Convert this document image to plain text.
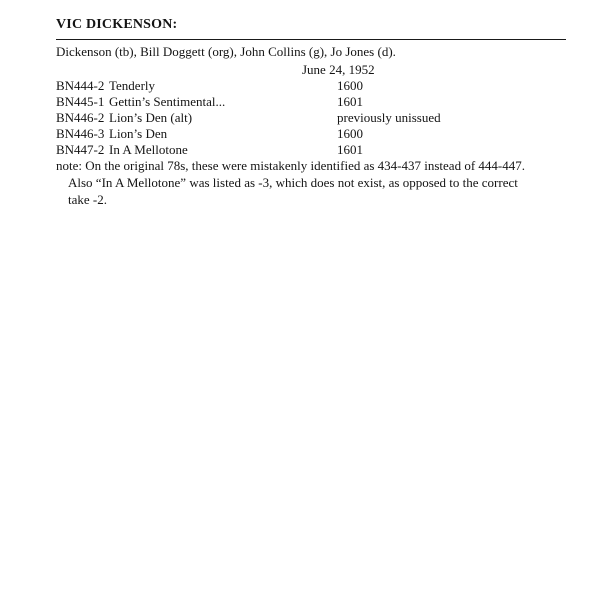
VIC DICKENSON:
Dickenson (tb), Bill Doggett (org), John Collins (g), Jo Jones (d).
June 24, 1952
BN444-2 Tenderly	1600
BN445-1 Gettin’s Sentimental...	1601
BN446-2 Lion’s Den (alt)	previously unissued
BN446-3 Lion’s Den	1600
BN447-2 In A Mellotone	1601
note: On the original 78s, these were mistakenly identified as 434-437 instead of 444-447.
Also “In A Mellotone” was listed as -3, which does not exist, as opposed to the correct
take -2.
